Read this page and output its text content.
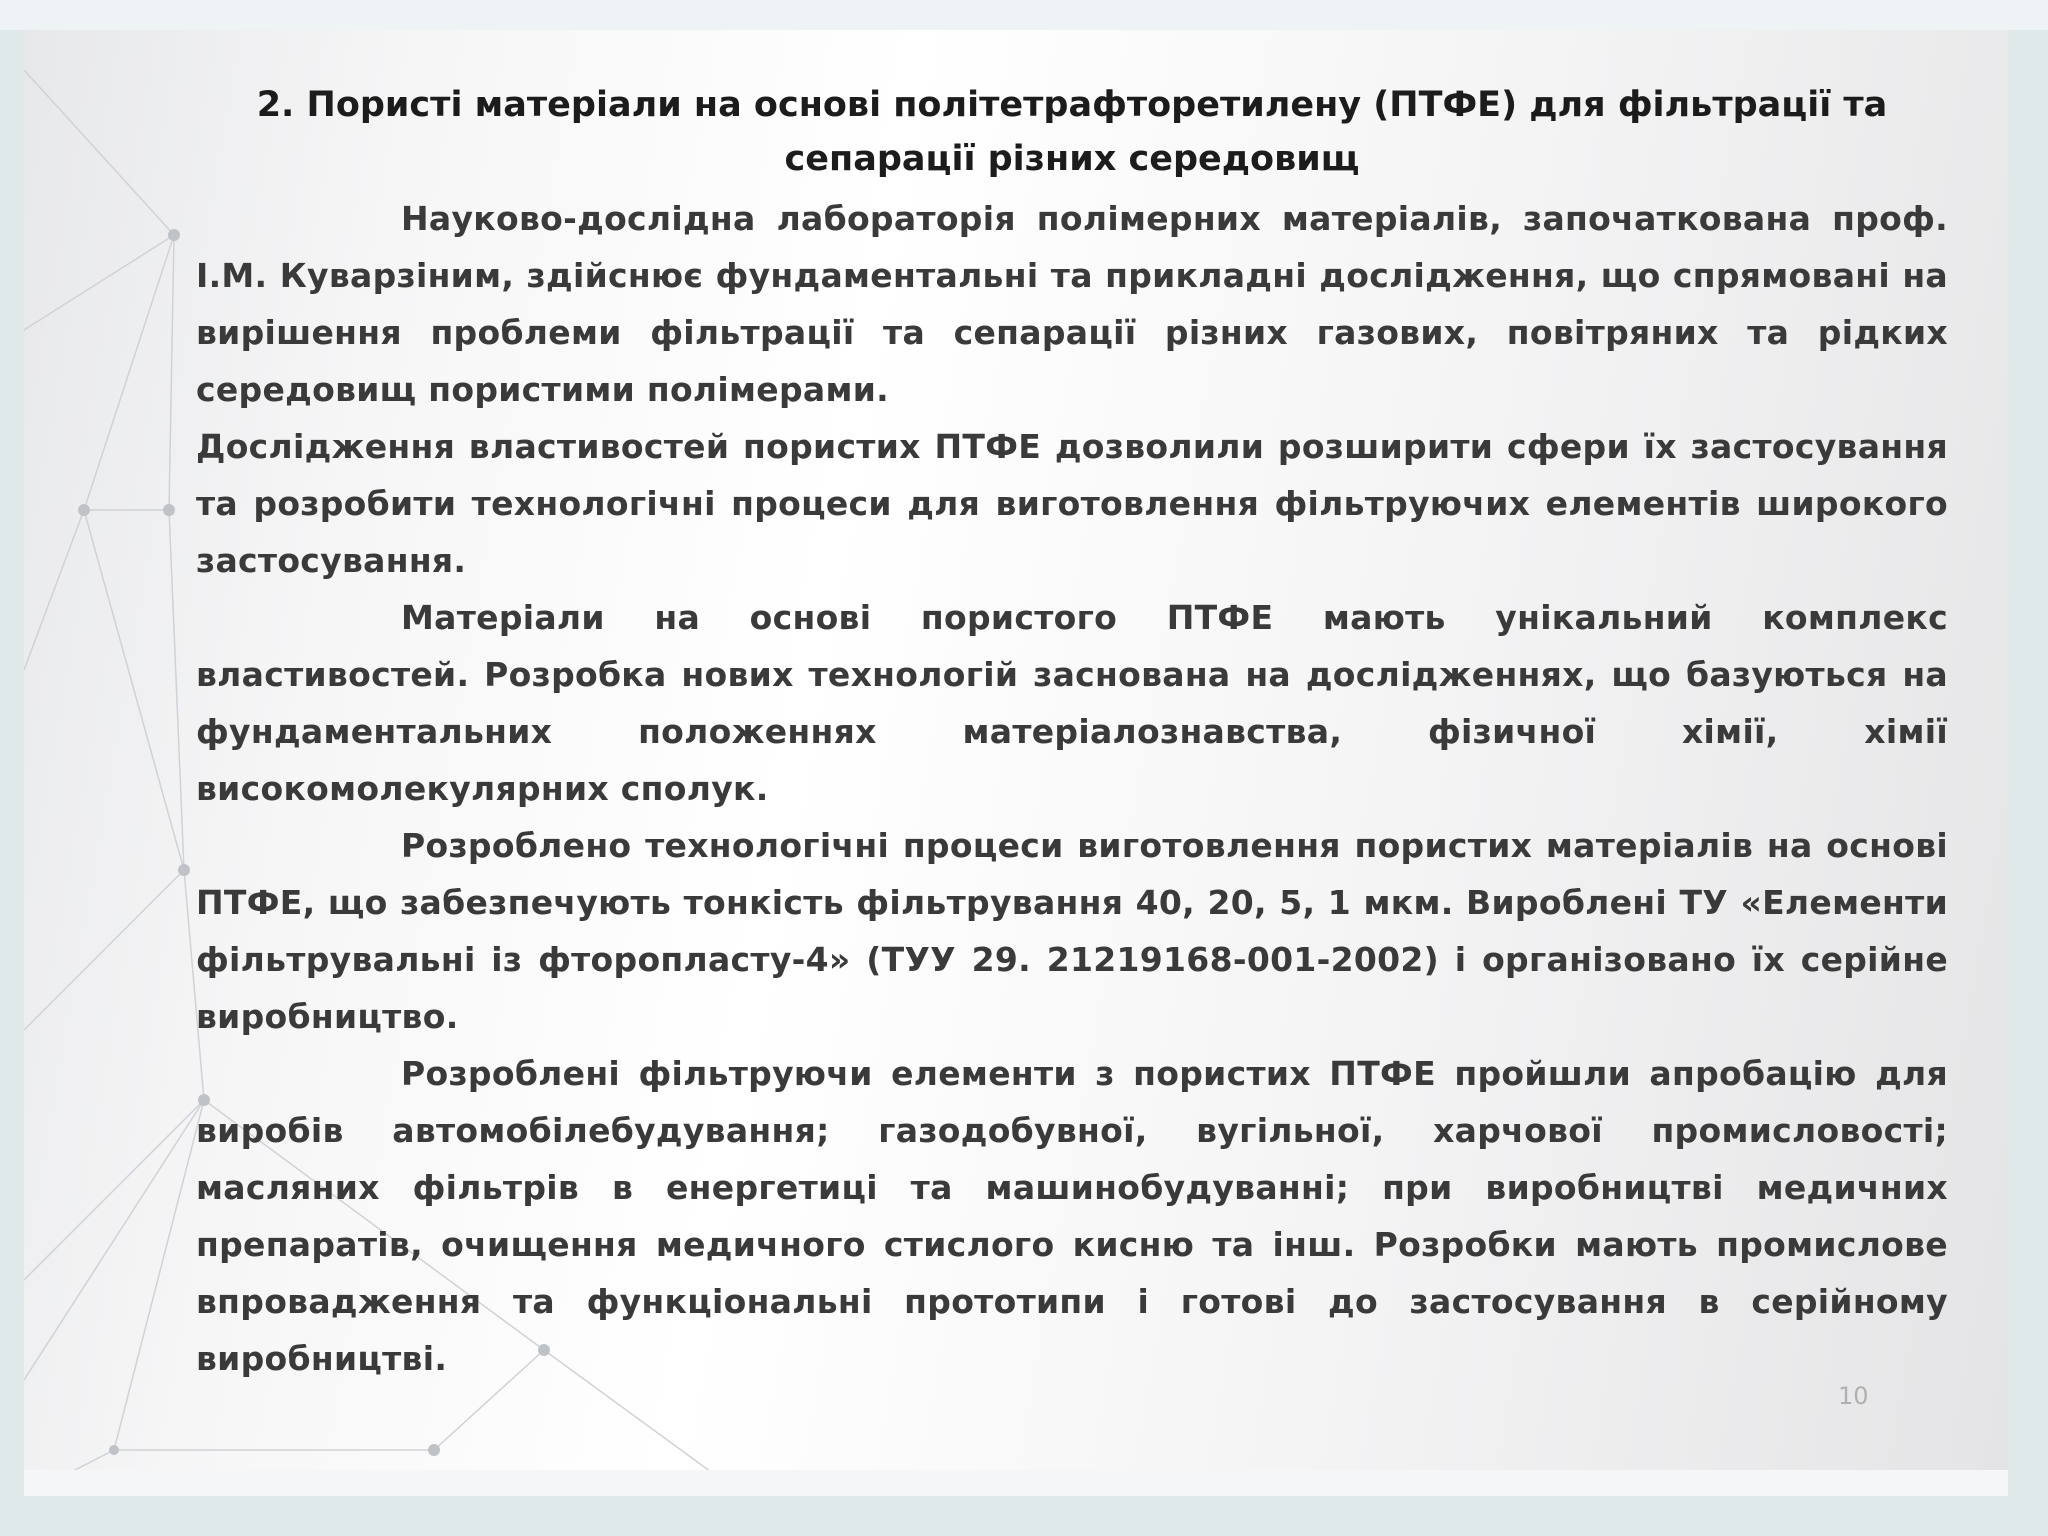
2. Пористі матеріали на основі політетрафторетилену (ПТФЕ) для фільтрації та сепарації різних середовищ

Науково-дослідна лабораторія полімерних матеріалів, започаткована проф. І.М. Куварзіним, здійснює фундаментальні та прикладні дослідження, що спрямовані на вирішення проблеми фільтрації та сепарації різних газових, повітряних та рідких середовищ пористими полімерами.

Дослідження властивостей пористих ПТФЕ дозволили розширити сфери їх застосування та розробити технологічні процеси для виготовлення фільтруючих елементів широкого застосування.

Матеріали на основі пористого ПТФЕ мають унікальний комплекс властивостей. Розробка нових технологій заснована на дослідженнях, що базуються на фундаментальних положеннях матеріалознавства, фізичної хімії, хімії високомолекулярних сполук.

Розроблено технологічні процеси виготовлення пористих матеріалів на основі ПТФЕ, що забезпечують тонкість фільтрування 40, 20, 5, 1 мкм. Вироблені ТУ «Елементи фільтрувальні із фторопласту-4» (ТУУ 29. 21219168-001-2002) і організовано їх серійне виробництво.

Розроблені фільтруючи елементи з пористих ПТФЕ пройшли апробацію для виробів автомобілебудування; газодобувної, вугільної, харчової промисловості; масляних фільтрів в енергетиці та машинобудуванні; при виробництві медичних препаратів, очищення медичного стислого кисню та інш. Розробки мають промислове впровадження та функціональні прототипи і готові до застосування в серійному виробництві.

10
